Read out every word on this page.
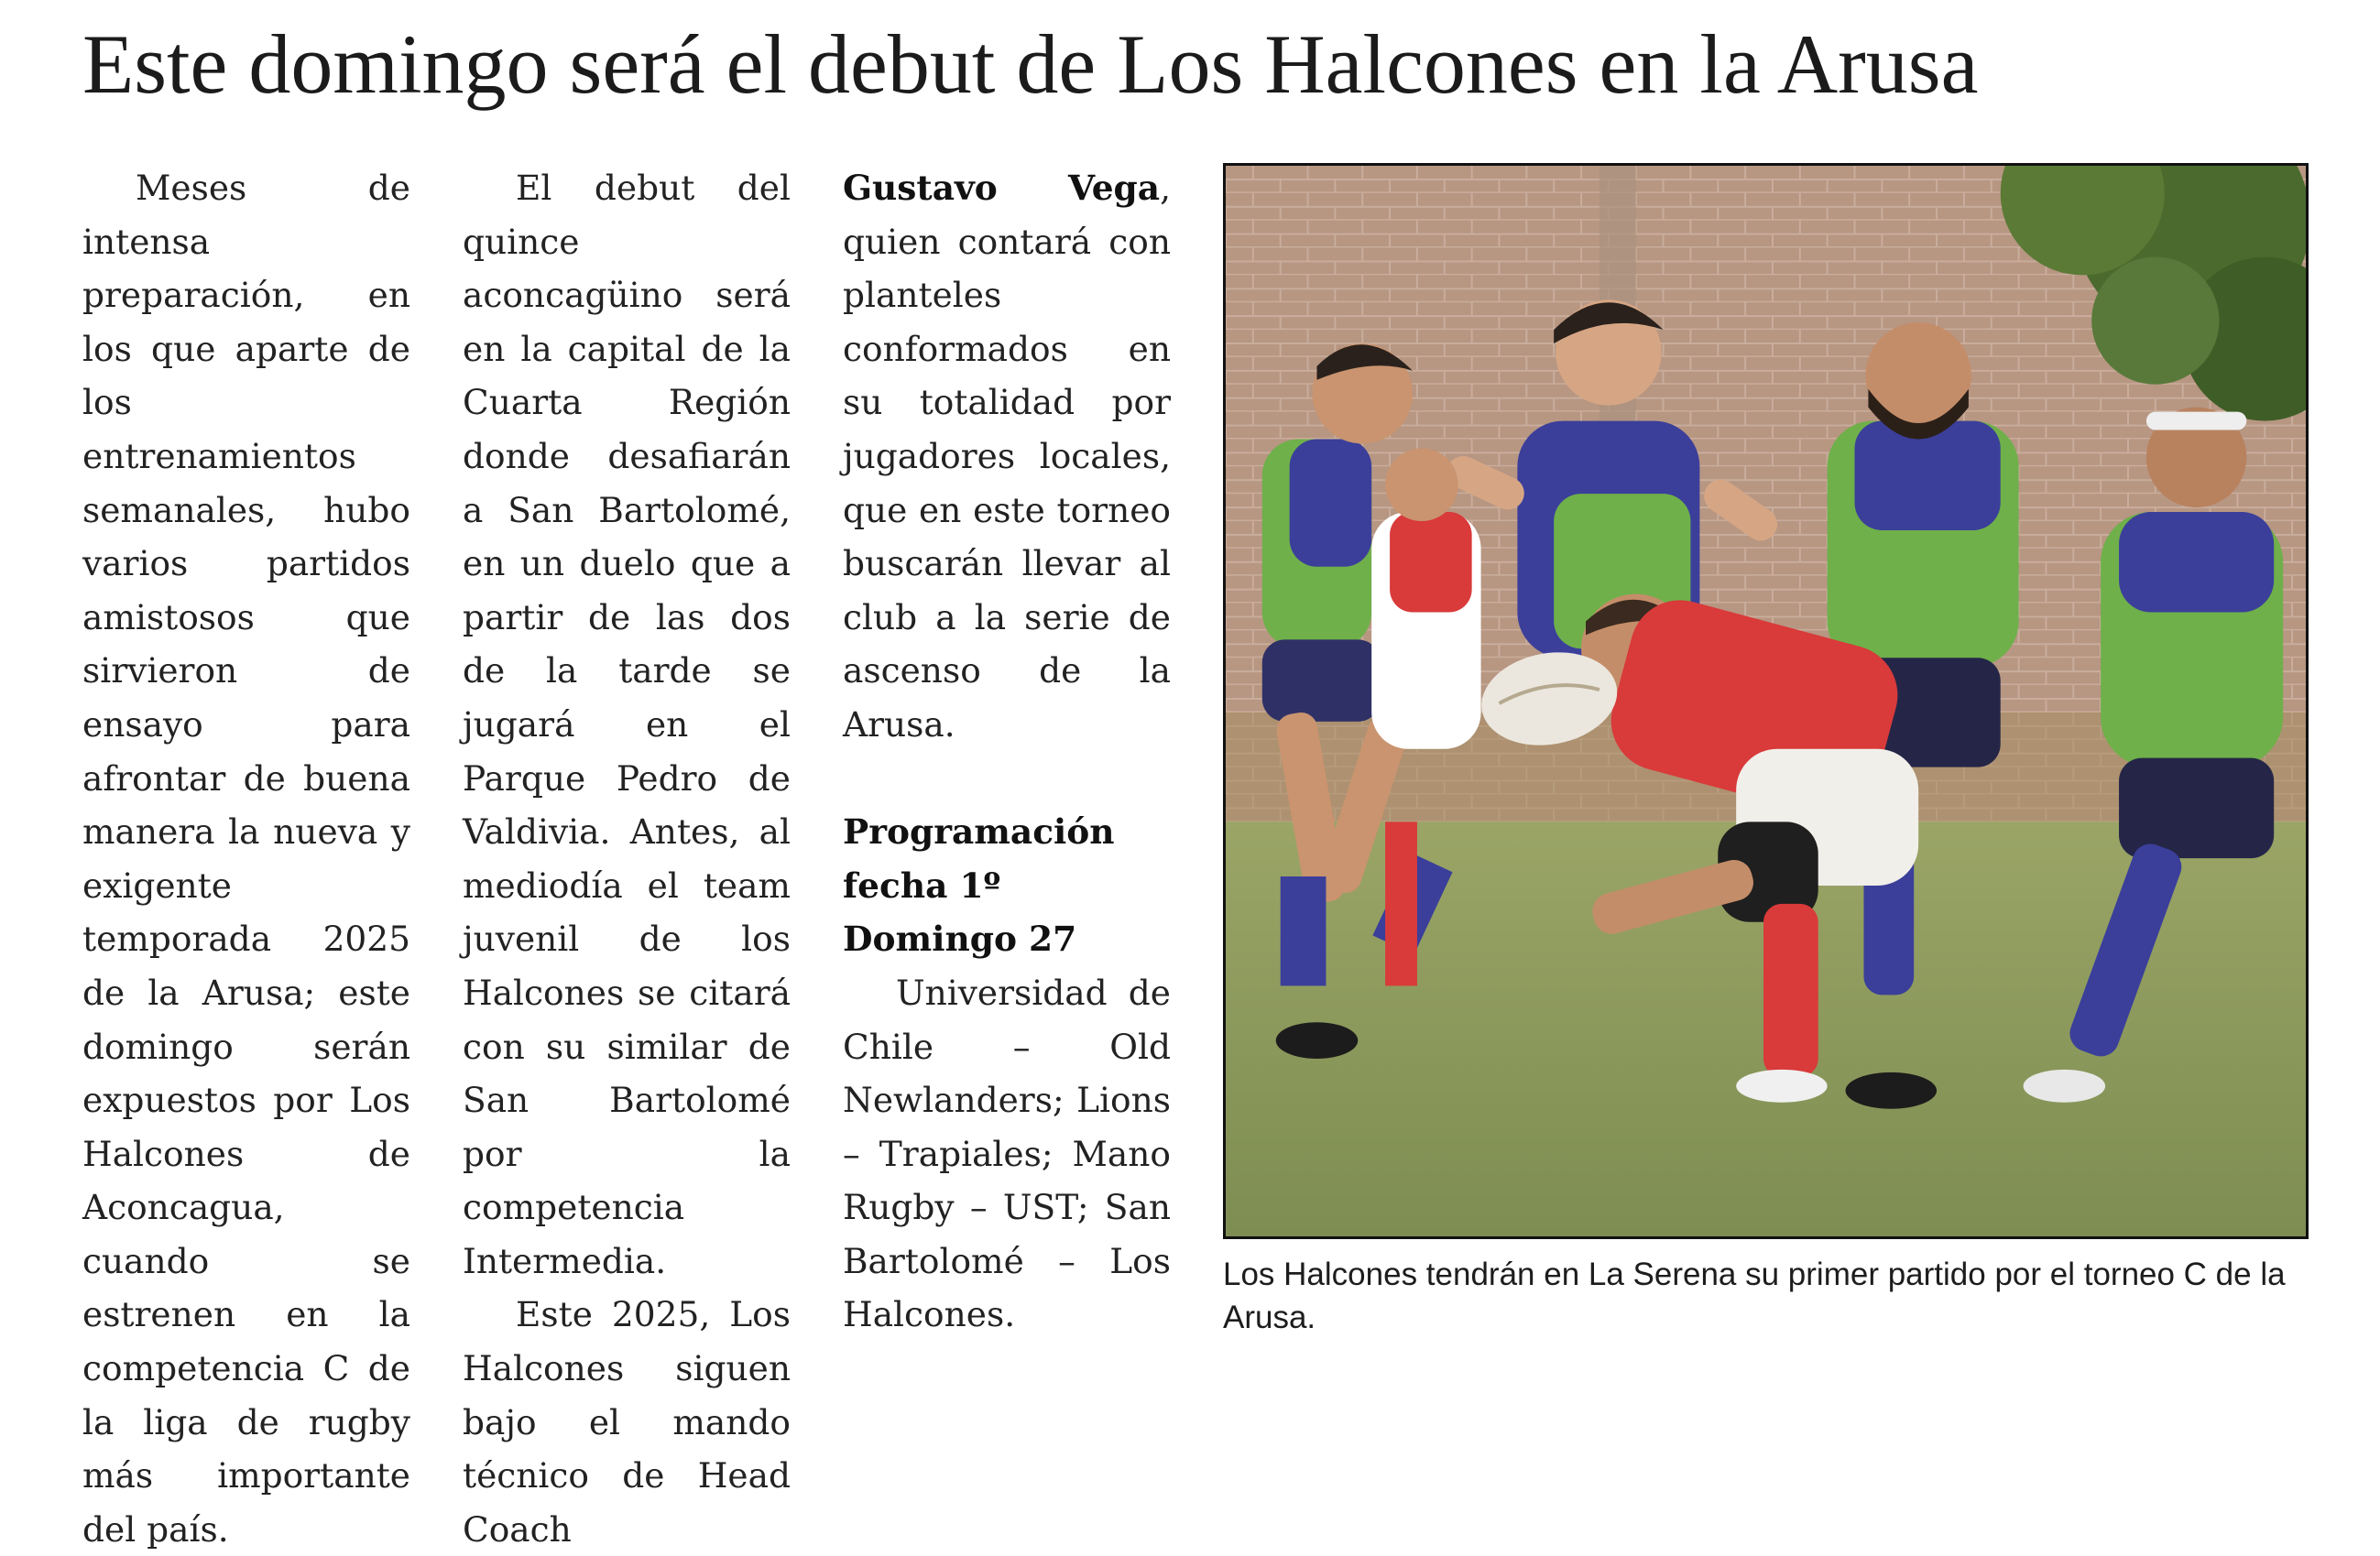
Este domingo será el debut de Los Halcones en la Arusa

Meses de intensa preparación, en los que aparte de los entrenamientos semanales, hubo varios partidos amistosos que sirvieron de ensayo para afrontar de buena manera la nueva y exigente temporada 2025 de la Arusa; este domingo serán expuestos por Los Halcones de Aconcagua, cuando se estrenen en la competencia C de la liga de rugby más importante del país.

El debut del quince aconcagüino será en la capital de la Cuarta Región donde desafiarán a San Bartolomé, en un duelo que a partir de las dos de la tarde se jugará en el Parque Pedro de Valdivia. Antes, al mediodía el team juvenil de los Halcones se citará con su similar de San Bartolomé por la competencia Intermedia.

Este 2025, Los Halcones siguen bajo el mando técnico de Head Coach

Gustavo Vega, quien contará con planteles conformados en su totalidad por jugadores locales, que en este torneo buscarán llevar al club a la serie de ascenso de la Arusa.

Programación
fecha 1º
Domingo 27

Universidad de Chile – Old Newlanders; Lions – Trapiales; Mano Rugby – UST; San Bartolomé – Los Halcones.

Los Halcones tendrán en La Serena su primer partido por el torneo C de la Arusa.
